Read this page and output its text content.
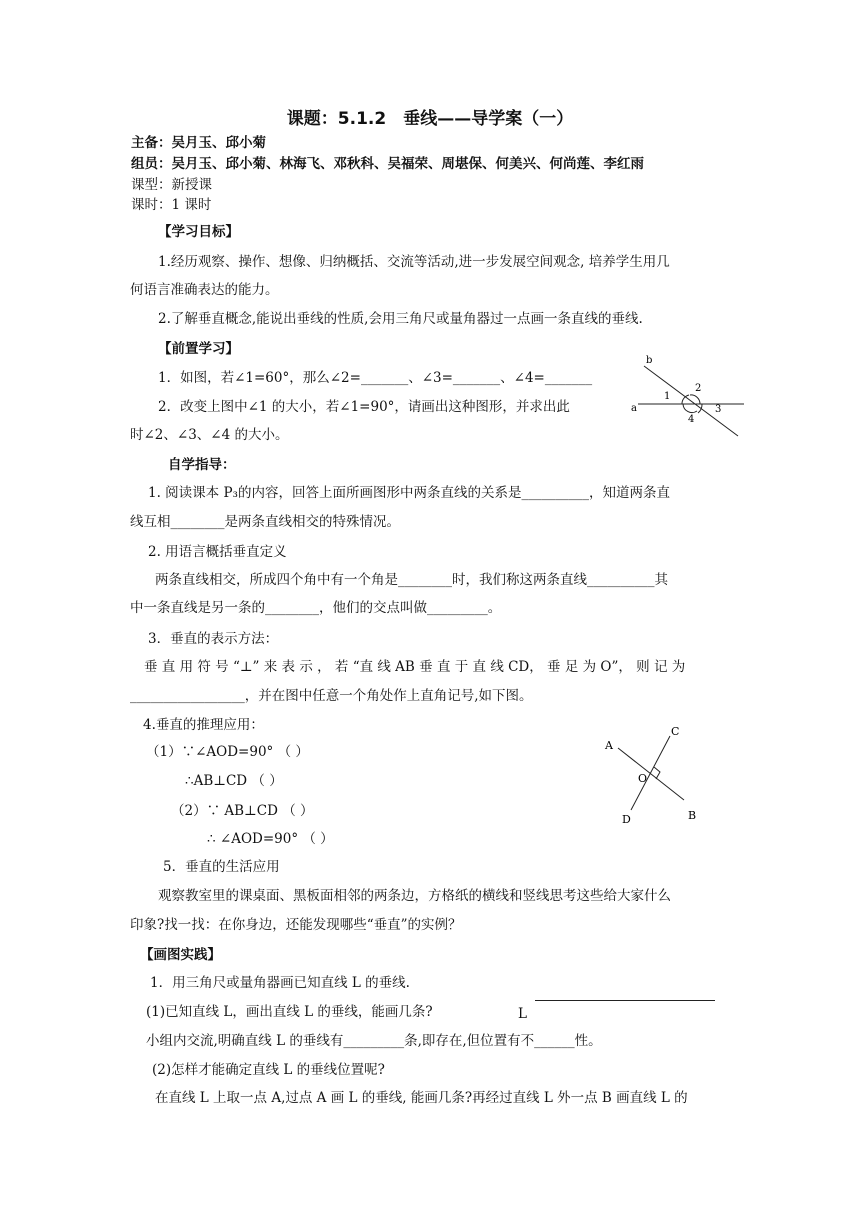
课题：5.1.2　垂线——导学案（一）
主备：吴月玉、邱小菊
组员：吴月玉、邱小菊、林海飞、邓秋科、吴福荣、周堪保、何美兴、何尚莲、李红雨
课型：新授课
课时：1 课时
【学习目标】
1.经历观察、操作、想像、归纳概括、交流等活动,进一步发展空间观念, 培养学生用几
何语言准确表达的能力。
2.了解垂直概念,能说出垂线的性质,会用三角尺或量角器过一点画一条直线的垂线.
【前置学习】
1．如图，若∠1=60°，那么∠2=_______、∠3=_______、∠4=_______
2．改变上图中∠1 的大小，若∠1=90°，请画出这种图形，并求出此
时∠2、∠3、∠4 的大小。
b
a
1
2
3
4
自学指导：
1. 阅读课本 P₃的内容，回答上面所画图形中两条直线的关系是__________，知道两条直
线互相________是两条直线相交的特殊情况。
2. 用语言概括垂直定义
两条直线相交，所成四个角中有一个角是________时，我们称这两条直线__________其
中一条直线是另一条的________，他们的交点叫做_________。
3．垂直的表示方法：
垂 直 用 符 号 “⊥” 来 表 示 ， 若 “直 线 AB 垂 直 于 直 线 CD， 垂 足 为 O”， 则 记 为
_________________，并在图中任意一个角处作上直角记号,如下图。
4.垂直的推理应用：
（1）∵∠AOD=90° （ ）
∴AB⊥CD （ ）
（2）∵ AB⊥CD （ ）
∴ ∠AOD=90° （ ）
A
C
O
B
D
5．垂直的生活应用
观察教室里的课桌面、黑板面相邻的两条边，方格纸的横线和竖线思考这些给大家什么
印象?找一找：在你身边，还能发现哪些“垂直”的实例？
【画图实践】
1．用三角尺或量角器画已知直线 L 的垂线.
(1)已知直线 L，画出直线 L 的垂线，能画几条?	L
小组内交流,明确直线 L 的垂线有_________条,即存在,但位置有不______性。
(2)怎样才能确定直线 L 的垂线位置呢?
在直线 L 上取一点 A,过点 A 画 L 的垂线, 能画几条?再经过直线 L 外一点 B 画直线 L 的
